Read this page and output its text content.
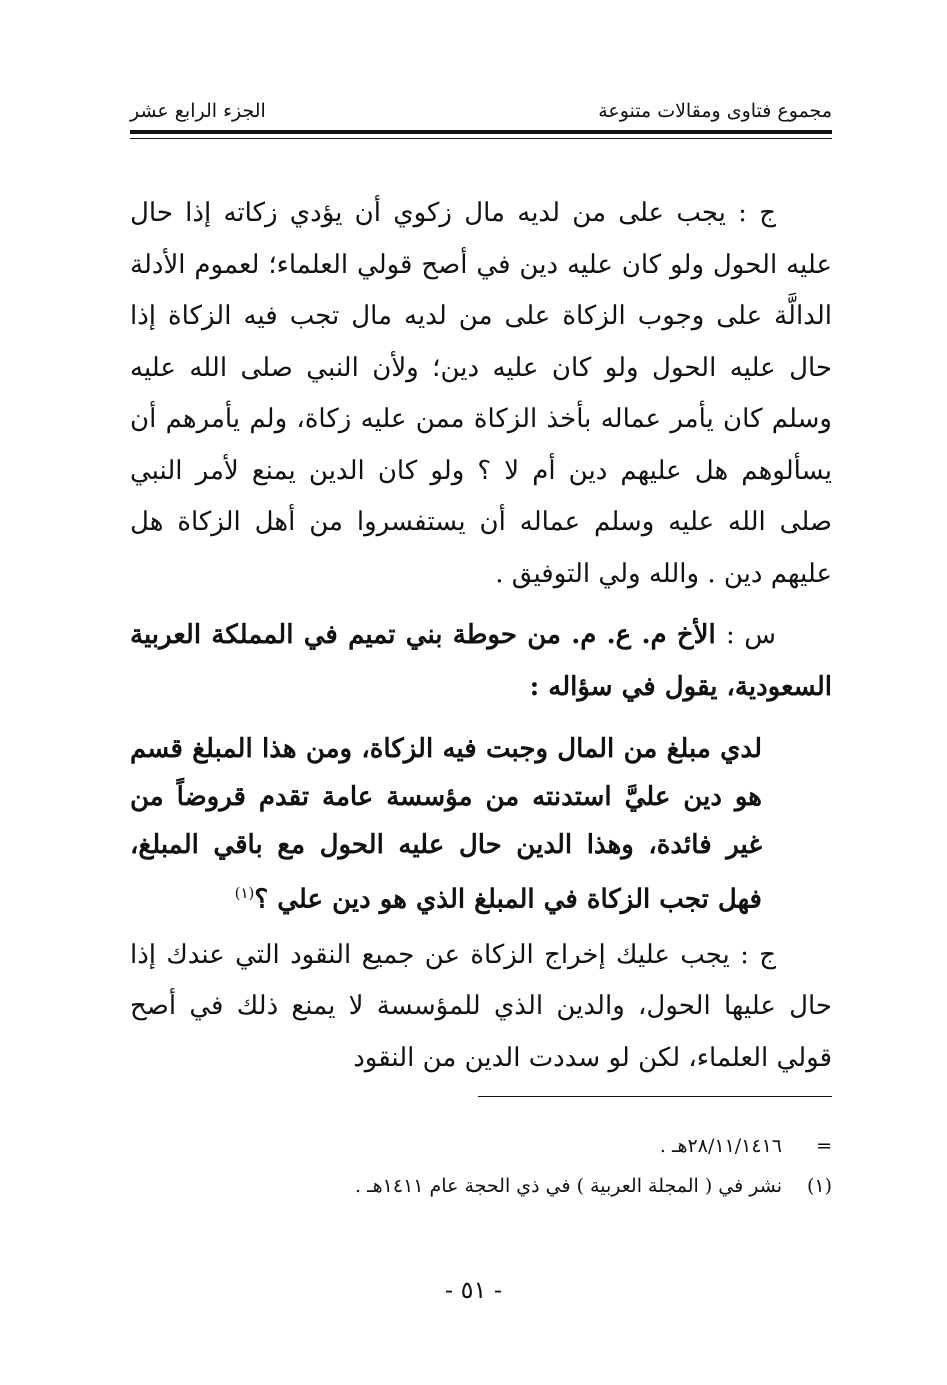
مجموع فتاوى ومقالات متنوعة
الجزء الرابع عشر

ج : يجب على من لديه مال زكوي أن يؤدي زكاته إذا حال عليه الحول ولو كان عليه دين في أصح قولي العلماء؛ لعموم الأدلة الدالَّة على وجوب الزكاة على من لديه مال تجب فيه الزكاة إذا حال عليه الحول ولو كان عليه دين؛ ولأن النبي صلى الله عليه وسلم كان يأمر عماله بأخذ الزكاة ممن عليه زكاة، ولم يأمرهم أن يسألوهم هل عليهم دين أم لا ؟ ولو كان الدين يمنع لأمر النبي صلى الله عليه وسلم عماله أن يستفسروا من أهل الزكاة هل عليهم دين . والله ولي التوفيق .

س : الأخ م. ع. م. من حوطة بني تميم في المملكة العربية السعودية، يقول في سؤاله :

لدي مبلغ من المال وجبت فيه الزكاة، ومن هذا المبلغ قسم هو دين عليَّ استدنته من مؤسسة عامة تقدم قروضاً من غير فائدة، وهذا الدين حال عليه الحول مع باقي المبلغ، فهل تجب الزكاة في المبلغ الذي هو دين علي ؟$^{(١)}$

ج : يجب عليك إخراج الزكاة عن جميع النقود التي عندك إذا حال عليها الحول، والدين الذي للمؤسسة لا يمنع ذلك في أصح قولي العلماء، لكن لو سددت الدين من النقود

=٢٨/١١/١٤١٦هـ .

(١)نشر في ( المجلة العربية ) في ذي الحجة عام ١٤١١هـ .

- ٥١ -
